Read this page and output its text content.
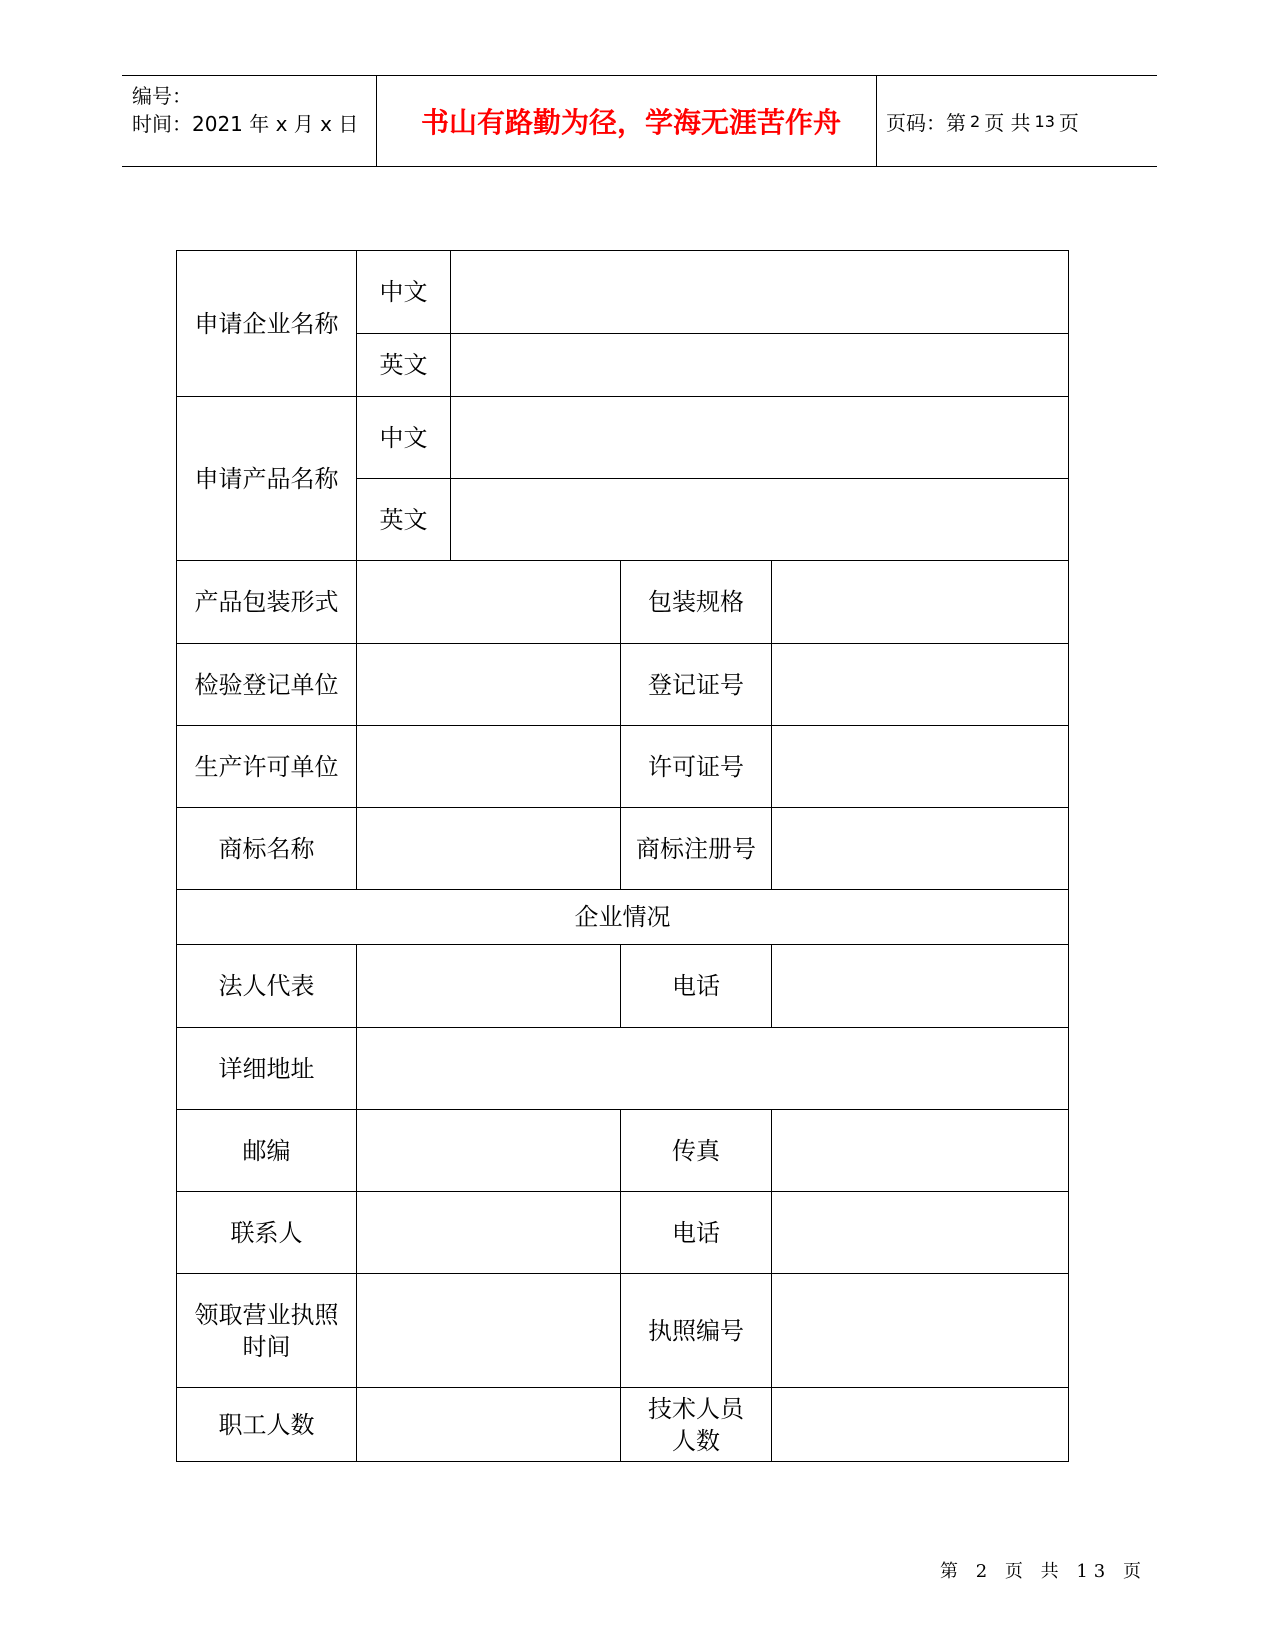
编号：
时间：2021 年 x 月 x 日	书山有路勤为径，学海无涯苦作舟	页码：第 2 页 共 13 页
申请企业名称	中文			
	英文			
申请产品名称	中文			
	英文			
产品包装形式			包装规格	
检验登记单位			登记证号	
生产许可单位			许可证号	
商标名称			商标注册号	
企业情况				
法人代表			电话	
详细地址				
邮编			传真	
联系人			电话	

领取营业执照
时间			执照编号	
职工人数			技术人员
人数	

第 2 页 共 13 页
